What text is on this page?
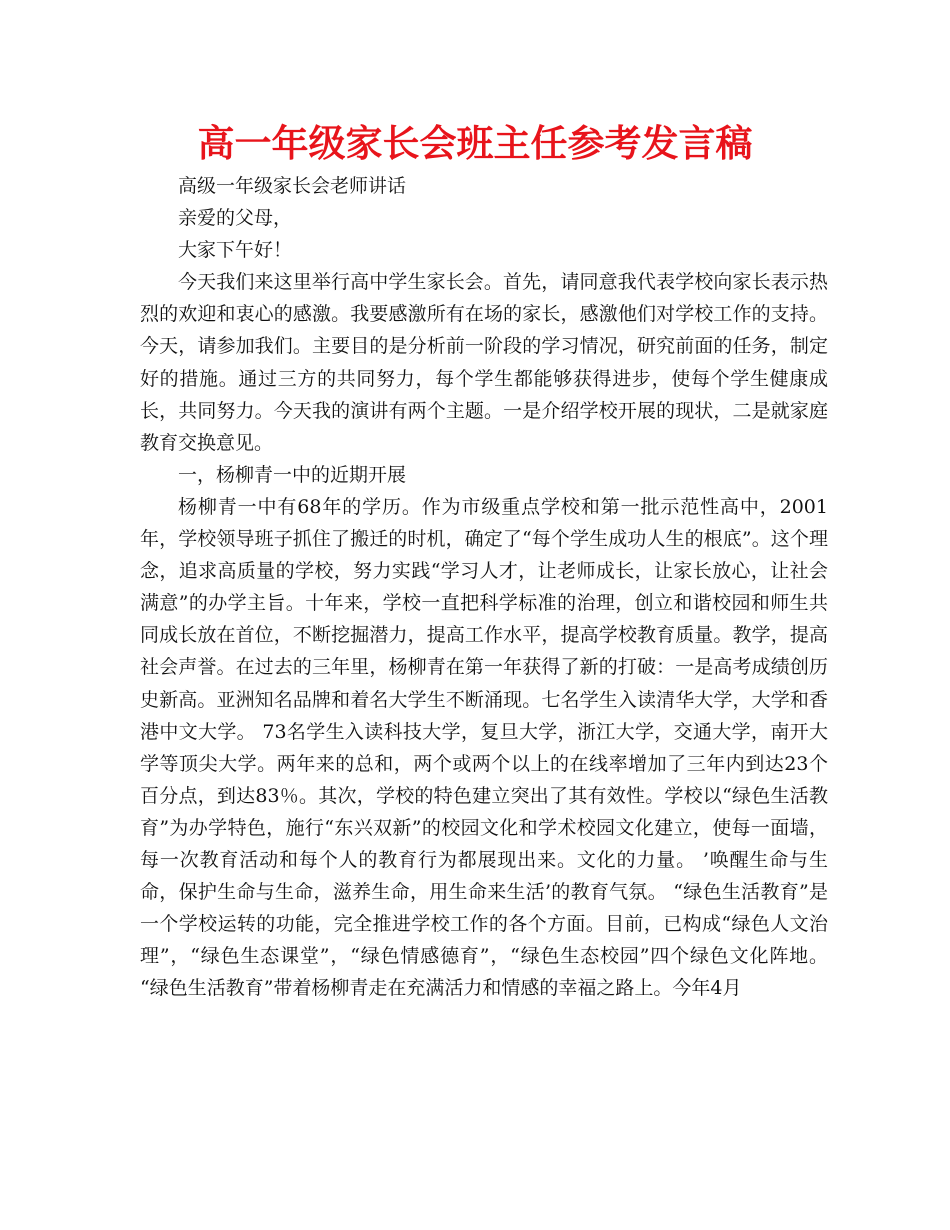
高一年级家长会班主任参考发言稿

高级一年级家长会老师讲话

亲爱的父母，

大家下午好！

今天我们来这里举行高中学生家长会。首先，请同意我代表学校向家长表示热烈的欢迎和衷心的感激。我要感激所有在场的家长，感激他们对学校工作的支持。今天，请参加我们。主要目的是分析前一阶段的学习情况，研究前面的任务，制定好的措施。通过三方的共同努力，每个学生都能够获得进步，使每个学生健康成长，共同努力。今天我的演讲有两个主题。一是介绍学校开展的现状，二是就家庭教育交换意见。

一，杨柳青一中的近期开展

杨柳青一中有68年的学历。作为市级重点学校和第一批示范性高中，2001年，学校领导班子抓住了搬迁的时机，确定了“每个学生成功人生的根底”。这个理念，追求高质量的学校，努力实践“学习人才，让老师成长，让家长放心，让社会满意”的办学主旨。十年来，学校一直把科学标准的治理，创立和谐校园和师生共同成长放在首位，不断挖掘潜力，提高工作水平，提高学校教育质量。教学，提高社会声誉。在过去的三年里，杨柳青在第一年获得了新的打破：一是高考成绩创历史新高。亚洲知名品牌和着名大学生不断涌现。七名学生入读清华大学，大学和香港中文大学。 73名学生入读科技大学，复旦大学，浙江大学，交通大学，南开大学等顶尖大学。两年来的总和，两个或两个以上的在线率增加了三年内到达23个百分点，到达83％。其次，学校的特色建立突出了其有效性。学校以“绿色生活教育”为办学特色，施行“东兴双新”的校园文化和学术校园文化建立，使每一面墙，每一次教育活动和每个人的教育行为都展现出来。文化的力量。 ’唤醒生命与生命，保护生命与生命，滋养生命，用生命来生活’的教育气氛。 “绿色生活教育”是一个学校运转的功能，完全推进学校工作的各个方面。目前，已构成“绿色人文治理”，“绿色生态课堂”，“绿色情感德育”，“绿色生态校园”四个绿色文化阵地。 “绿色生活教育”带着杨柳青走在充满活力和情感的幸福之路上。今年4月
